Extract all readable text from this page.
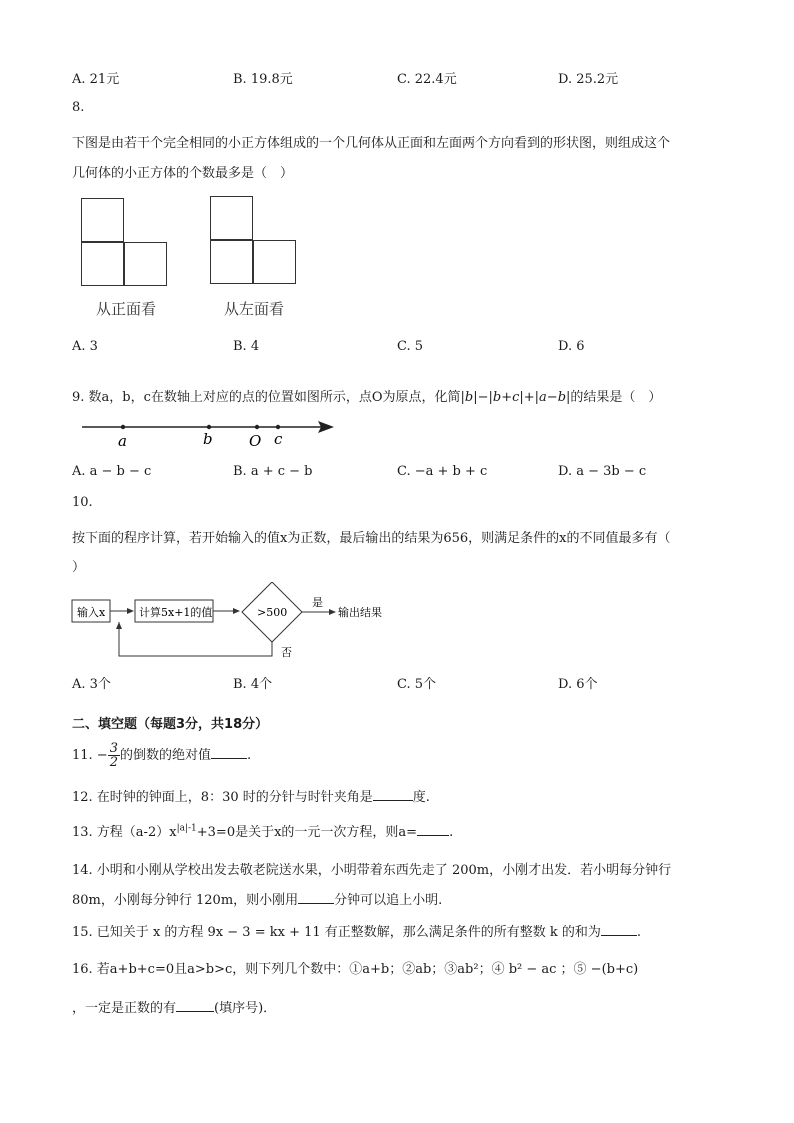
A. 21元	B. 19.8元	C. 22.4元	D. 25.2元
8.
下图是由若干个完全相同的小正方体组成的一个几何体从正面和左面两个方向看到的形状图，则组成这个
几何体的小正方体的个数最多是（　）
从正面看	从左面看
A. 3	B. 4	C. 5	D. 6
9. 数a，b，c在数轴上对应的点的位置如图所示，点O为原点，化简|b|−|b+c|+|a−b|的结果是（　）
a	b O c
A. a − b − c	B. a + c − b	C. −a + b + c	D. a − 3b − c
10.
按下面的程序计算，若开始输入的值x为正数，最后输出的结果为656，则满足条件的x的不同值最多有（
）
输入x	计算5x+1的值	>500
是
输出结果
否
A. 3个	B. 4个	C. 5个	D. 6个
二、填空题（每题3分，共18分）
11. − $\frac{3}{2}$ 的倒数的绝对值	.
12. 在时钟的钟面上，8：30 时的分针与时针夹角是	度.
13. 方程$(a-2)x^{|a|-1}+3=0$是关于x的一元一次方程，则a= .
14. 小明和小刚从学校出发去敬老院送水果，小明带着东西先走了 200m，小刚才出发．若小明每分钟行
80m，小刚每分钟行 120m，则小刚用	分钟可以追上小明.
15. 已知关于 x 的方程 9x − 3 = kx + 11 有正整数解，那么满足条件的所有整数 k 的和为	.
16. 若a+b+c=0且a>b>c，则下列几个数中：①a+b；②ab；③ab²；④ b² − ac ；⑤ −(b+c)
，一定是正数的有	(填序号)．
